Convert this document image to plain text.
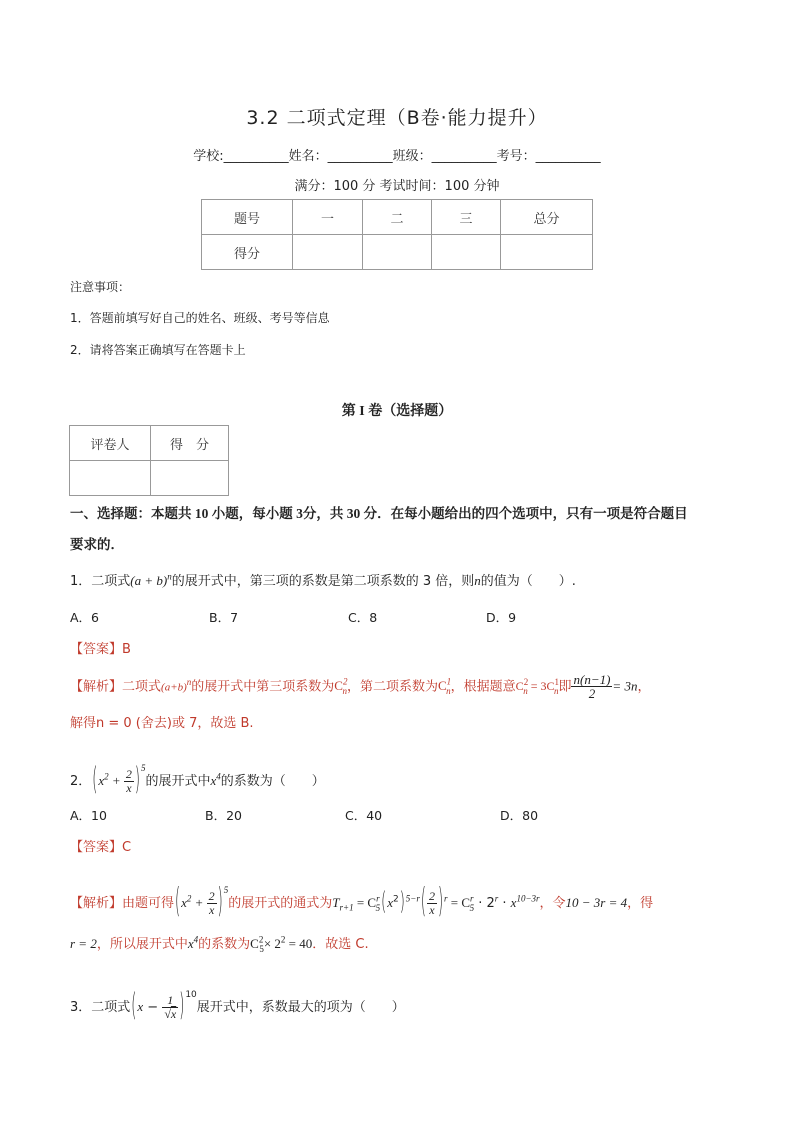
3.2 二项式定理（B卷·能力提升）
学校:__________姓名：__________班级：__________考号：__________
满分：100 分 考试时间：100 分钟
题号	一	二	三	总分
得分				
注意事项：
1．答题前填写好自己的姓名、班级、考号等信息
2．请将答案正确填写在答题卡上
第 I 卷（选择题）
评卷人	得　分

一、选择题：本题共 10 小题，每小题 3分，共 30 分．在每小题给出的四个选项中，只有一项是符合题目
要求的．
1．二项式$(a + b)^n$的展开式中，第三项的系数是第二项系数的 3 倍，则n的值为（　　）.
A．6	B．7	C．8	D．9
【答案】B
【解析】二项式$(a+b)^n$的展开式中第三项系数为$C^2_n$，第二项系数为$C^1_n$，根据题意$C^2_n = 3C^1_n$即 $\frac{n(n-1)}{2} = 3n$，
解得n = 0 (舍去)或 7，故选 B.
2．$(x^2 + \frac{2}{x} )^5$的展开式中$x^4$的系数为（　　）
A．10	B．20	C．40	D．80
【答案】C
【解析】由题可得$(x^2 + \frac{2}{x} )^5$的展开式的通式为$T_{r+1} = C^r_5(x^2)^{5-r}( \frac{2}{x} )^r = C^r_5 \cdot 2^r \cdot x^{10-3r}$，令10 − 3r = 4，得
r = 2，所以展开式中$x^4$的系数为$C^2_5\times 2^2 = 40$．故选 C.
3．二项式$(x - \frac{1}{√x} )^{10}$展开式中，系数最大的项为（　　）
